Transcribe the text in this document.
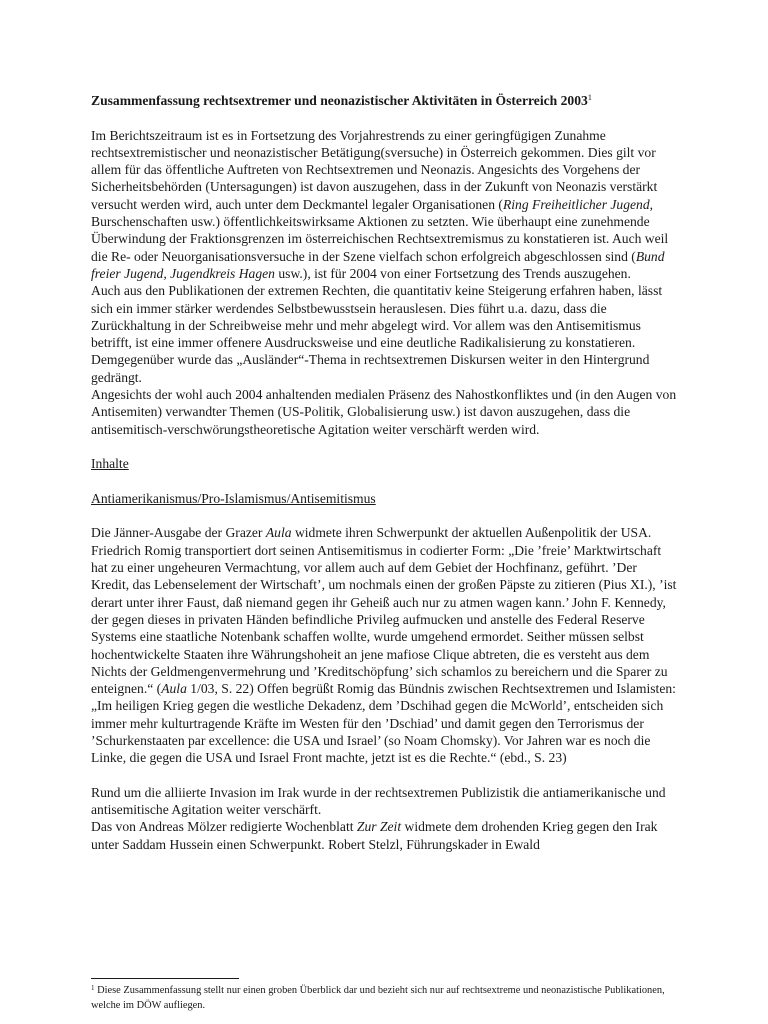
Zusammenfassung rechtsextremer und neonazistischer Aktivitäten in Österreich 2003$^1$

Im Berichtszeitraum ist es in Fortsetzung des Vorjahrestrends zu einer geringfügigen Zunahme rechtsextremistischer und neonazistischer Betätigung(sversuche) in Österreich gekommen. Dies gilt vor allem für das öffentliche Auftreten von Rechtsextremen und Neonazis. Angesichts des Vorgehens der Sicherheitsbehörden (Untersagungen) ist davon auszugehen, dass in der Zukunft von Neonazis verstärkt versucht werden wird, auch unter dem Deckmantel legaler Organisationen (Ring Freiheitlicher Jugend, Burschenschaften usw.) öffentlichkeitswirksame Aktionen zu setzten. Wie überhaupt eine zunehmende Überwindung der Fraktionsgrenzen im österreichischen Rechtsextremismus zu konstatieren ist. Auch weil die Re- oder Neuorganisationsversuche in der Szene vielfach schon erfolgreich abgeschlossen sind (Bund freier Jugend, Jugendkreis Hagen usw.), ist für 2004 von einer Fortsetzung des Trends auszugehen.

Auch aus den Publikationen der extremen Rechten, die quantitativ keine Steigerung erfahren haben, lässt sich ein immer stärker werdendes Selbstbewusstsein herauslesen. Dies führt u.a. dazu, dass die Zurückhaltung in der Schreibweise mehr und mehr abgelegt wird. Vor allem was den Antisemitismus betrifft, ist eine immer offenere Ausdrucksweise und eine deutliche Radikalisierung zu konstatieren. Demgegenüber wurde das „Ausländer“-Thema in rechtsextremen Diskursen weiter in den Hintergrund gedrängt.

Angesichts der wohl auch 2004 anhaltenden medialen Präsenz des Nahostkonfliktes und (in den Augen von Antisemiten) verwandter Themen (US-Politik, Globalisierung usw.) ist davon auszugehen, dass die antisemitisch-verschwörungstheoretische Agitation weiter verschärft werden wird.

Inhalte

Antiamerikanismus/Pro-Islamismus/Antisemitismus

Die Jänner-Ausgabe der Grazer Aula widmete ihren Schwerpunkt der aktuellen Außenpolitik der USA. Friedrich Romig transportiert dort seinen Antisemitismus in codierter Form: „Die ’freie’ Marktwirtschaft hat zu einer ungeheuren Vermachtung, vor allem auch auf dem Gebiet der Hochfinanz, geführt. ’Der Kredit, das Lebenselement der Wirtschaft’, um nochmals einen der großen Päpste zu zitieren (Pius XI.), ’ist derart unter ihrer Faust, daß niemand gegen ihr Geheiß auch nur zu atmen wagen kann.’ John F. Kennedy, der gegen dieses in privaten Händen befindliche Privileg aufmucken und anstelle des Federal Reserve Systems eine staatliche Notenbank schaffen wollte, wurde umgehend ermordet. Seither müssen selbst hochentwickelte Staaten ihre Währungshoheit an jene mafiose Clique abtreten, die es versteht aus dem Nichts der Geldmengenvermehrung und ’Kreditschöpfung’ sich schamlos zu bereichern und die Sparer zu enteignen.“ (Aula 1/03, S. 22) Offen begrüßt Romig das Bündnis zwischen Rechtsextremen und Islamisten: „Im heiligen Krieg gegen die westliche Dekadenz, dem ’Dschihad gegen die McWorld’, entscheiden sich immer mehr kulturtragende Kräfte im Westen für den ’Dschiad’ und damit gegen den Terrorismus der ’Schurkenstaaten par excellence: die USA und Israel’ (so Noam Chomsky). Vor Jahren war es noch die Linke, die gegen die USA und Israel Front machte, jetzt ist es die Rechte.“ (ebd., S. 23)

Rund um die alliierte Invasion im Irak wurde in der rechtsextremen Publizistik die antiamerikanische und antisemitische Agitation weiter verschärft.

Das von Andreas Mölzer redigierte Wochenblatt Zur Zeit widmete dem drohenden Krieg gegen den Irak unter Saddam Hussein einen Schwerpunkt. Robert Stelzl, Führungskader in Ewald

$^1$ Diese Zusammenfassung stellt nur einen groben Überblick dar und bezieht sich nur auf rechtsextreme und neonazistische Publikationen, welche im DÖW aufliegen.
